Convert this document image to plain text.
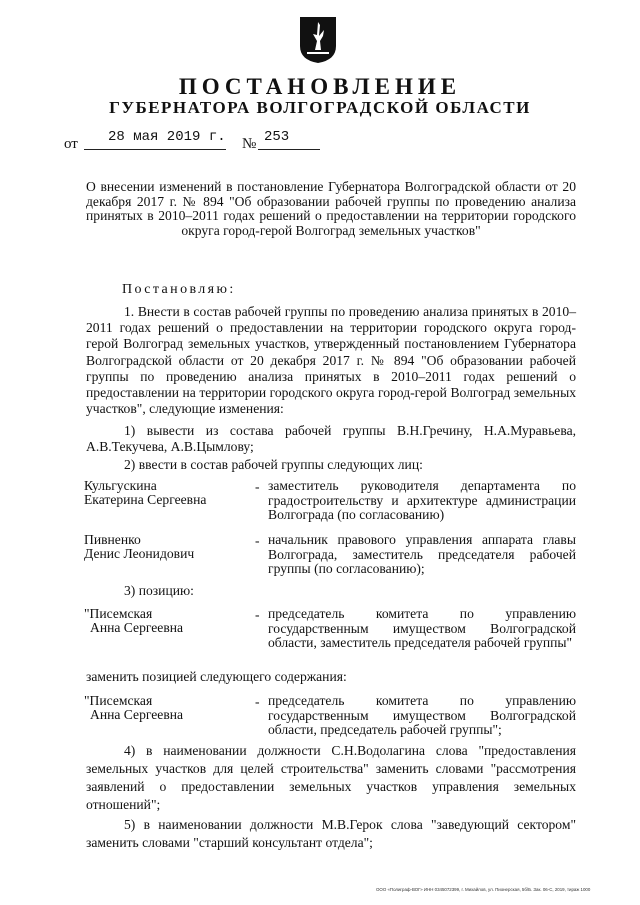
ПОСТАНОВЛЕНИЕ
ГУБЕРНАТОРА ВОЛГОГРАДСКОЙ ОБЛАСТИ
от 28 мая 2019 г. № 253
О внесении изменений в постановление Губернатора Волгоградской области от 20 декабря 2017 г. № 894 "Об образовании рабочей группы по проведению анализа принятых в 2010–2011 годах решений о предоставлении на территории городского округа город-герой Волгоград земельных участков"
Постановляю:
1. Внести в состав рабочей группы по проведению анализа принятых в 2010–2011 годах решений о предоставлении на территории городского округа город-герой Волгоград земельных участков, утвержденный постановлением Губернатора Волгоградской области от 20 декабря 2017 г. № 894 "Об образовании рабочей группы по проведению анализа принятых в 2010–2011 годах решений о предоставлении на территории городского округа город-герой Волгоград земельных участков", следующие изменения:
1) вывести из состава рабочей группы В.Н.Гречину, Н.А.Муравьева, А.В.Текучева, А.В.Цымлову;
2) ввести в состав рабочей группы следующих лиц:
Кульгускина
Екатерина Сергеевна
- заместитель руководителя департамента по градостроительству и архитектуре администрации Волгограда (по согласованию)
Пивненко
Денис Леонидович
- начальник правового управления аппарата главы Волгограда, заместитель председателя рабочей группы (по согласованию);
3) позицию:
"Писемская
Анна Сергеевна
- председатель комитета по управлению государственным имуществом Волгоградской области, заместитель председателя рабочей группы"
заменить позицией следующего содержания:
"Писемская
Анна Сергеевна
- председатель комитета по управлению государственным имуществом Волгоградской области, председатель рабочей группы";
4) в наименовании должности С.Н.Водолагина слова "предоставления земельных участков для целей строительства" заменить словами "рассмотрения заявлений о предоставлении земельных участков управления земельных отношений";
5) в наименовании должности М.В.Герок слова "заведующий сектором" заменить словами "старший консультант отдела";
ООО «Полиграф-ВОГ» ИНН 0345072399, г. Михайлов, ул. Пионерская, 5б/Б. Зак. 06-С, 2019, тираж 1000
